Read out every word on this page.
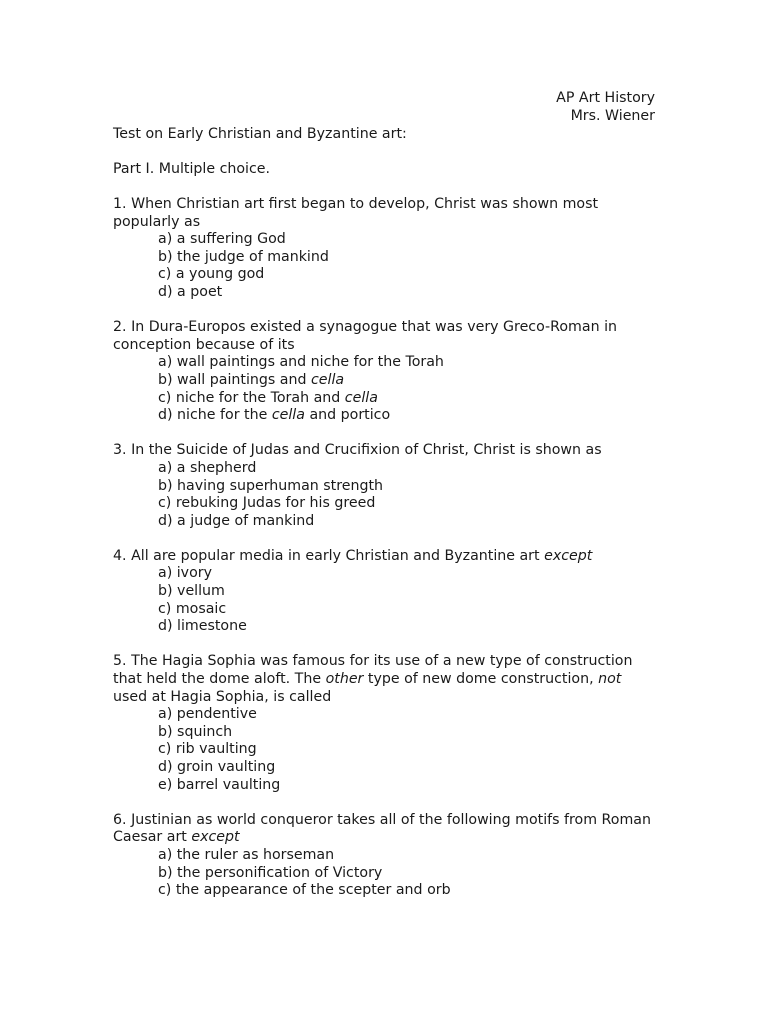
AP Art History
Mrs. Wiener
Test on Early Christian and Byzantine art:
Part I. Multiple choice.

1. When Christian art first began to develop, Christ was shown most popularly as

a) a suffering God
b) the judge of mankind
c) a young god
d) a poet

2. In Dura-Europos existed a synagogue that was very Greco-Roman in conception because of its

a) wall paintings and niche for the Torah
b) wall paintings and cella
c) niche for the Torah and cella
d) niche for the cella and portico

3. In the Suicide of Judas and Crucifixion of Christ, Christ is shown as

a) a shepherd
b) having superhuman strength
c) rebuking Judas for his greed
d) a judge of mankind

4. All are popular media in early Christian and Byzantine art except

a) ivory
b) vellum
c) mosaic
d) limestone

5. The Hagia Sophia was famous for its use of a new type of construction that held the dome aloft. The other type of new dome construction, not used at Hagia Sophia, is called

a) pendentive
b) squinch
c) rib vaulting
d) groin vaulting
e) barrel vaulting

6. Justinian as world conqueror takes all of the following motifs from Roman Caesar art except

a) the ruler as horseman
b) the personification of Victory
c) the appearance of the scepter and orb
